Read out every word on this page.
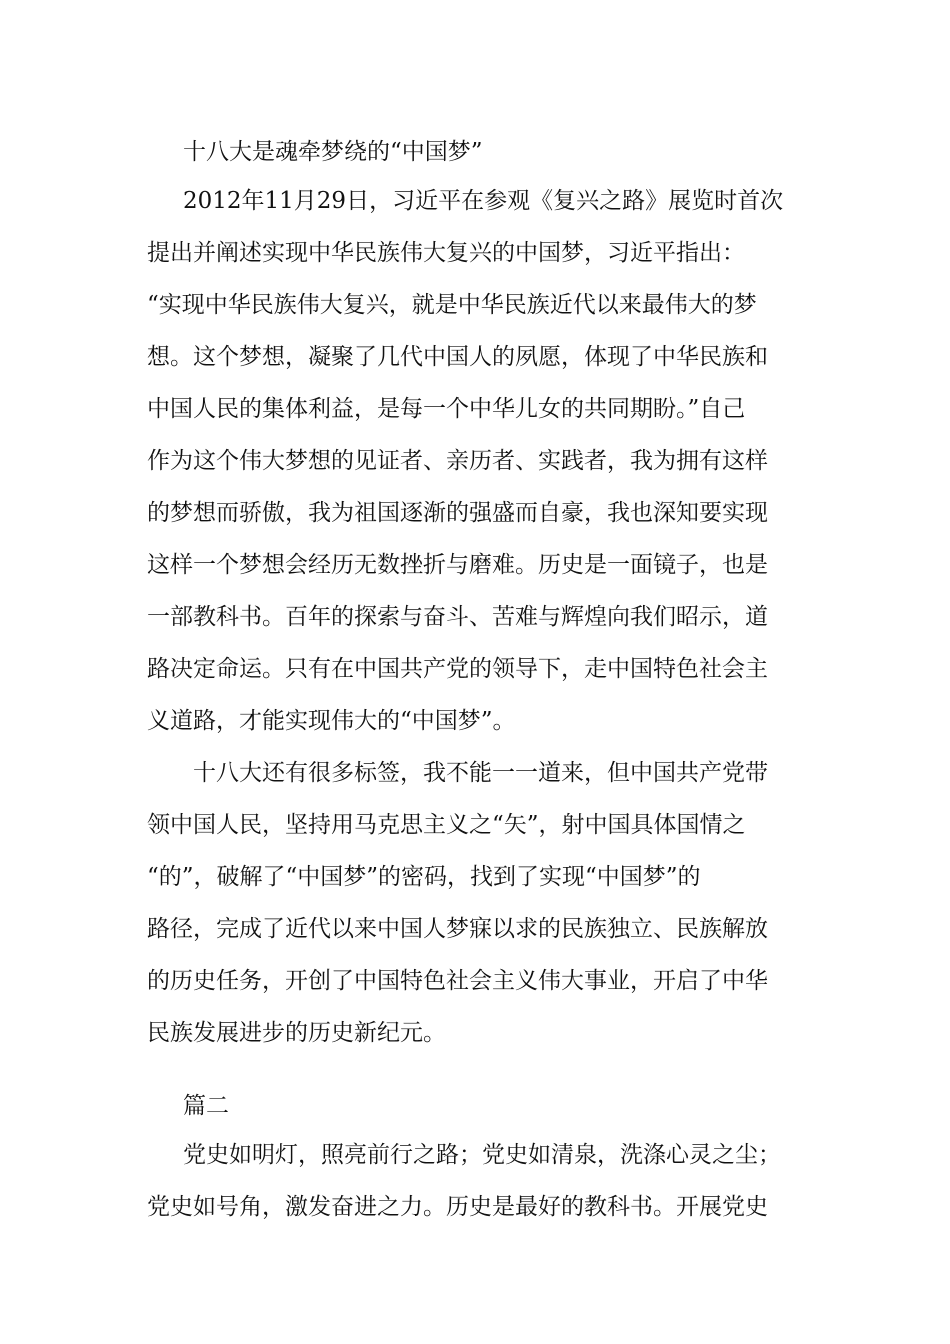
十八大是魂牵梦绕的“中国梦”
2012年11月29日，习近平在参观《复兴之路》展览时首次
提出并阐述实现中华民族伟大复兴的中国梦，习近平指出：
“实现中华民族伟大复兴，就是中华民族近代以来最伟大的梦
想。这个梦想，凝聚了几代中国人的夙愿，体现了中华民族和
中国人民的集体利益，是每一个中华儿女的共同期盼。”自己
作为这个伟大梦想的见证者、亲历者、实践者，我为拥有这样
的梦想而骄傲，我为祖国逐渐的强盛而自豪，我也深知要实现
这样一个梦想会经历无数挫折与磨难。历史是一面镜子，也是
一部教科书。百年的探索与奋斗、苦难与辉煌向我们昭示，道
路决定命运。只有在中国共产党的领导下，走中国特色社会主
义道路，才能实现伟大的“中国梦”。
十八大还有很多标签，我不能一一道来，但中国共产党带
领中国人民，坚持用马克思主义之“矢”，射中国具体国情之
“的”，破解了“中国梦”的密码，找到了实现“中国梦”的
路径，完成了近代以来中国人梦寐以求的民族独立、民族解放
的历史任务，开创了中国特色社会主义伟大事业，开启了中华
民族发展进步的历史新纪元。
篇二
党史如明灯，照亮前行之路；党史如清泉，洗涤心灵之尘；
党史如号角，激发奋进之力。历史是最好的教科书。开展党史
